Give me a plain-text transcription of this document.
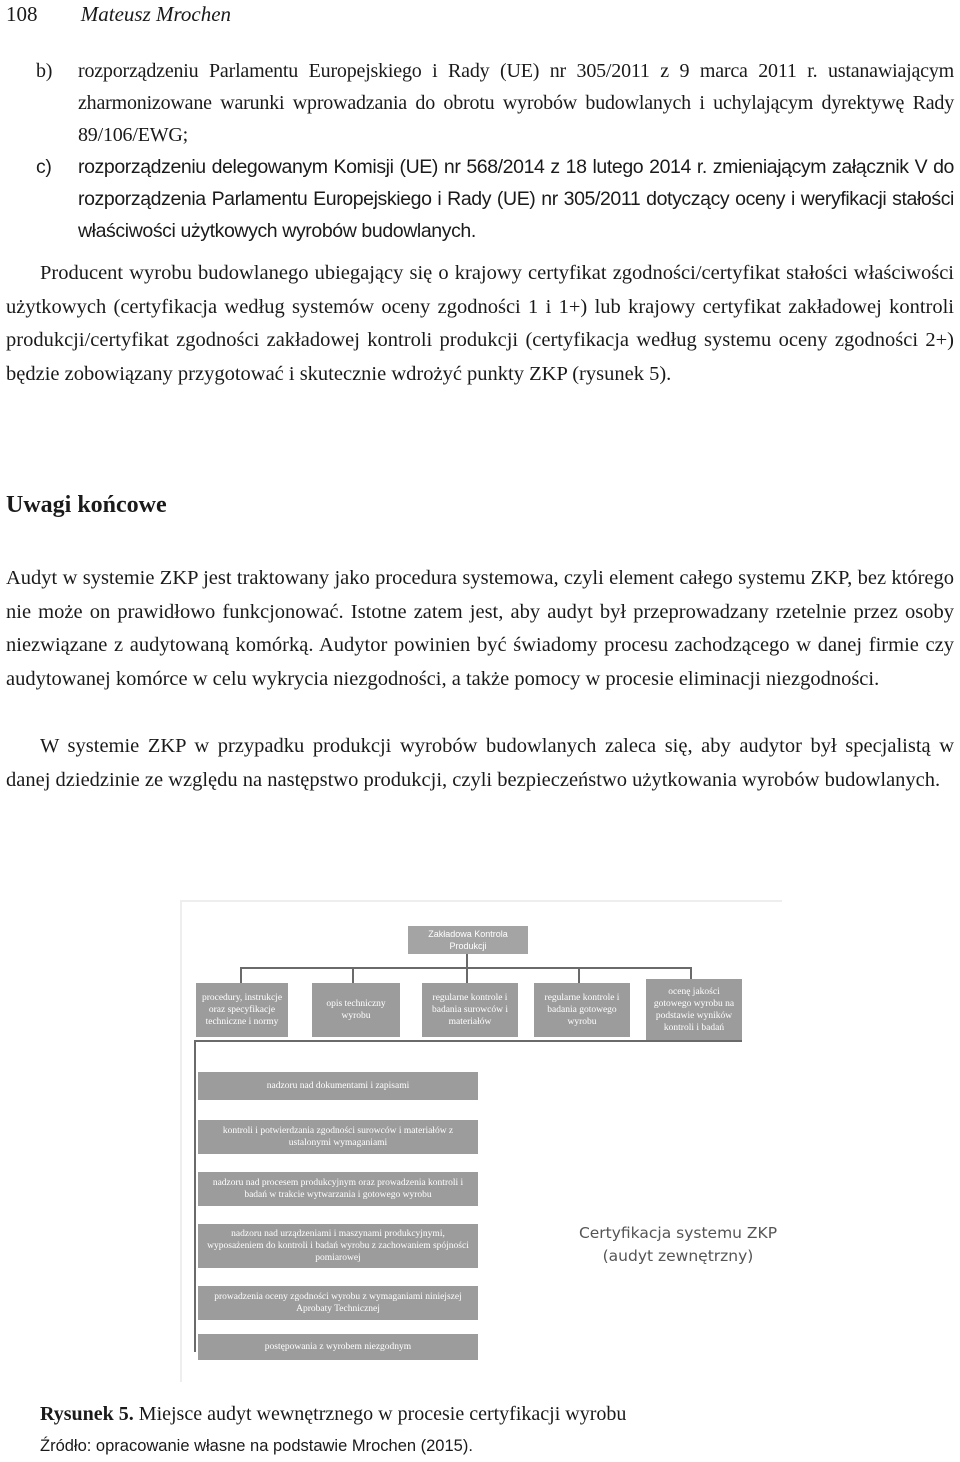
108 Mateusz Mrochen
b) rozporządzeniu Parlamentu Europejskiego i Rady (UE) nr 305/2011 z 9 marca 2011 r. ustanawiającym zharmonizowane warunki wprowadzania do obrotu wyrobów budowlanych i uchylającym dyrektywę Rady 89/106/EWG;
c) rozporządzeniu delegowanym Komisji (UE) nr 568/2014 z 18 lutego 2014 r. zmieniającym załącznik V do rozporządzenia Parlamentu Europejskiego i Rady (UE) nr 305/2011 dotyczący oceny i weryfikacji stałości właściwości użytkowych wyrobów budowlanych.

Producent wyrobu budowlanego ubiegający się o krajowy certyfikat zgodności/certyfikat stałości właściwości użytkowych (certyfikacja według systemów oceny zgodności 1 i 1+) lub krajowy certyfikat zakładowej kontroli produkcji/certyfikat zgodności zakładowej kontroli produkcji (certyfikacja według systemu oceny zgodności 2+) będzie zobowiązany przygotować i skutecznie wdrożyć punkty ZKP (rysunek 5).

Uwagi końcowe

Audyt w systemie ZKP jest traktowany jako procedura systemowa, czyli element całego systemu ZKP, bez którego nie może on prawidłowo funkcjonować. Istotne zatem jest, aby audyt był przeprowadzany rzetelnie przez osoby niezwiązane z audytowaną komórką. Audytor powinien być świadomy procesu zachodzącego w danej firmie czy audytowanej komórce w celu wykrycia niezgodności, a także pomocy w procesie eliminacji niezgodności.

W systemie ZKP w przypadku produkcji wyrobów budowlanych zaleca się, aby audytor był specjalistą w danej dziedzinie ze względu na następstwo produkcji, czyli bezpieczeństwo użytkowania wyrobów budowlanych.

Zakładowa Kontrola Produkcji
procedury, instrukcje oraz specyfikacje techniczne i normy
opis techniczny wyrobu
regularne kontrole i badania surowców i materiałów
regularne kontrole i badania gotowego wyrobu
ocenę jakości gotowego wyrobu na podstawie wyników kontroli i badań
nadzoru nad dokumentami i zapisami
kontroli i potwierdzania zgodności surowców i materiałów z ustalonymi wymaganiami
nadzoru nad procesem produkcyjnym oraz prowadzenia kontroli i badań w trakcie wytwarzania i gotowego wyrobu
nadzoru nad urządzeniami i maszynami produkcyjnymi, wyposażeniem do kontroli i badań wyrobu z zachowaniem spójności pomiarowej
prowadzenia oceny zgodności wyrobu z wymaganiami niniejszej Aprobaty Technicznej
postępowania z wyrobem niezgodnym
Certyfikacja systemu ZKP
(audyt zewnętrzny)
Rysunek 5. Miejsce audyt wewnętrznego w procesie certyfikacji wyrobu
Źródło: opracowanie własne na podstawie Mrochen (2015).
